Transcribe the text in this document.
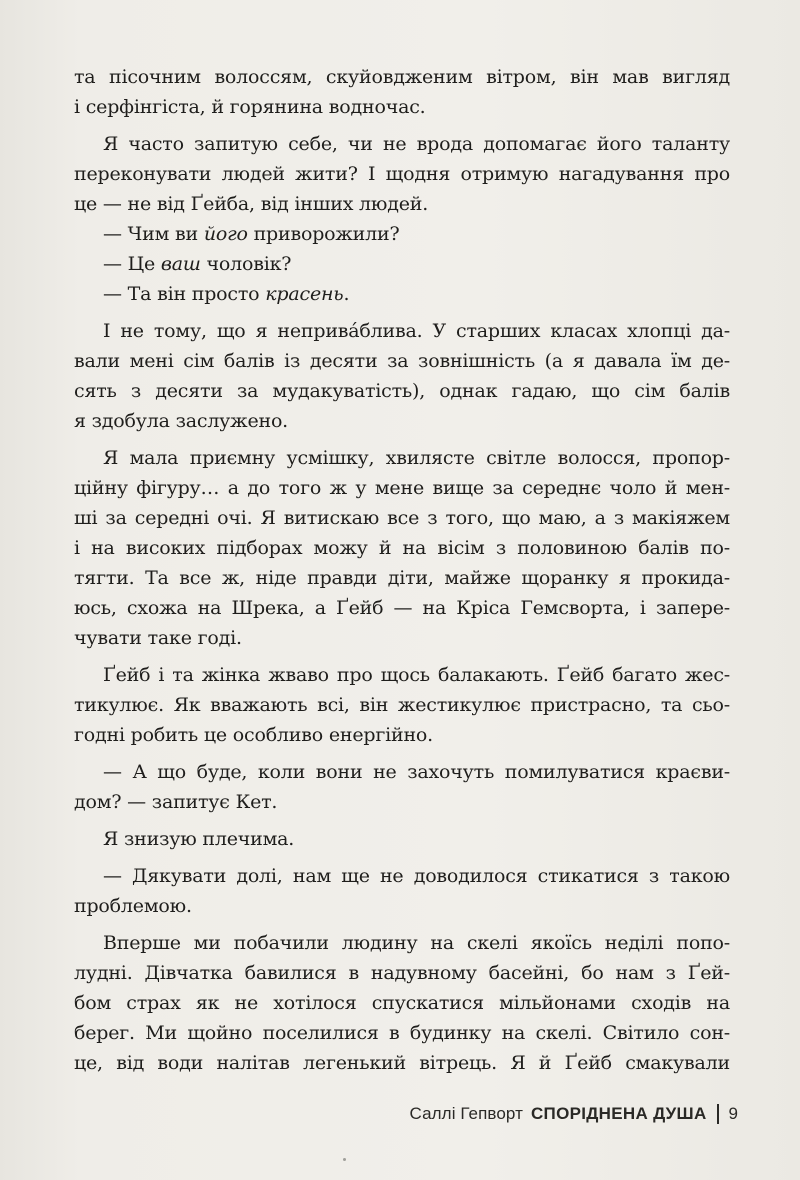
та пісочним волоссям, скуйовдженим вітром, він мав вигляд
і серфінгіста, й горянина водночас.
Я часто запитую себе, чи не врода допомагає його таланту
переконувати людей жити? І щодня отримую нагадування про
це — не від Ґейба, від інших людей.
— Чим ви його приворожили?
— Це ваш чоловік?
— Та він просто красень.
І не тому, що я непривáблива. У старших класах хлопці да-
вали мені сім балів із десяти за зовнішність (а я давала їм де-
сять з десяти за мудакуватість), однак гадаю, що сім балів
я здобула заслужено.
Я мала приємну усмішку, хвилясте світле волосся, пропор-
ційну фігуру… а до того ж у мене вище за середнє чоло й мен-
ші за середні очі. Я витискаю все з того, що маю, а з макіяжем
і на високих підборах можу й на вісім з половиною балів по-
тягти. Та все ж, ніде правди діти, майже щоранку я прокида-
юсь, схожа на Шрека, а Ґейб — на Кріса Гемсворта, і запере-
чувати таке годі.
Ґейб і та жінка жваво про щось балакають. Ґейб багато жес-
тикулює. Як вважають всі, він жестикулює пристрасно, та сьо-
годні робить це особливо енергійно.
— А що буде, коли вони не захочуть помилуватися краєви-
дом? — запитує Кет.
Я знизую плечима.
— Дякувати долі, нам ще не доводилося стикатися з такою
проблемою.
Вперше ми побачили людину на скелі якоїсь неділі попо-
лудні. Дівчатка бавилися в надувному басейні, бо нам з Ґей-
бом страх як не хотілося спускатися мільйонами сходів на
берег. Ми щойно поселилися в будинку на скелі. Світило сон-
це, від води налітав легенький вітрець. Я й Ґейб смакували
Саллі Гепворт СПОРІДНЕНА ДУША 9
